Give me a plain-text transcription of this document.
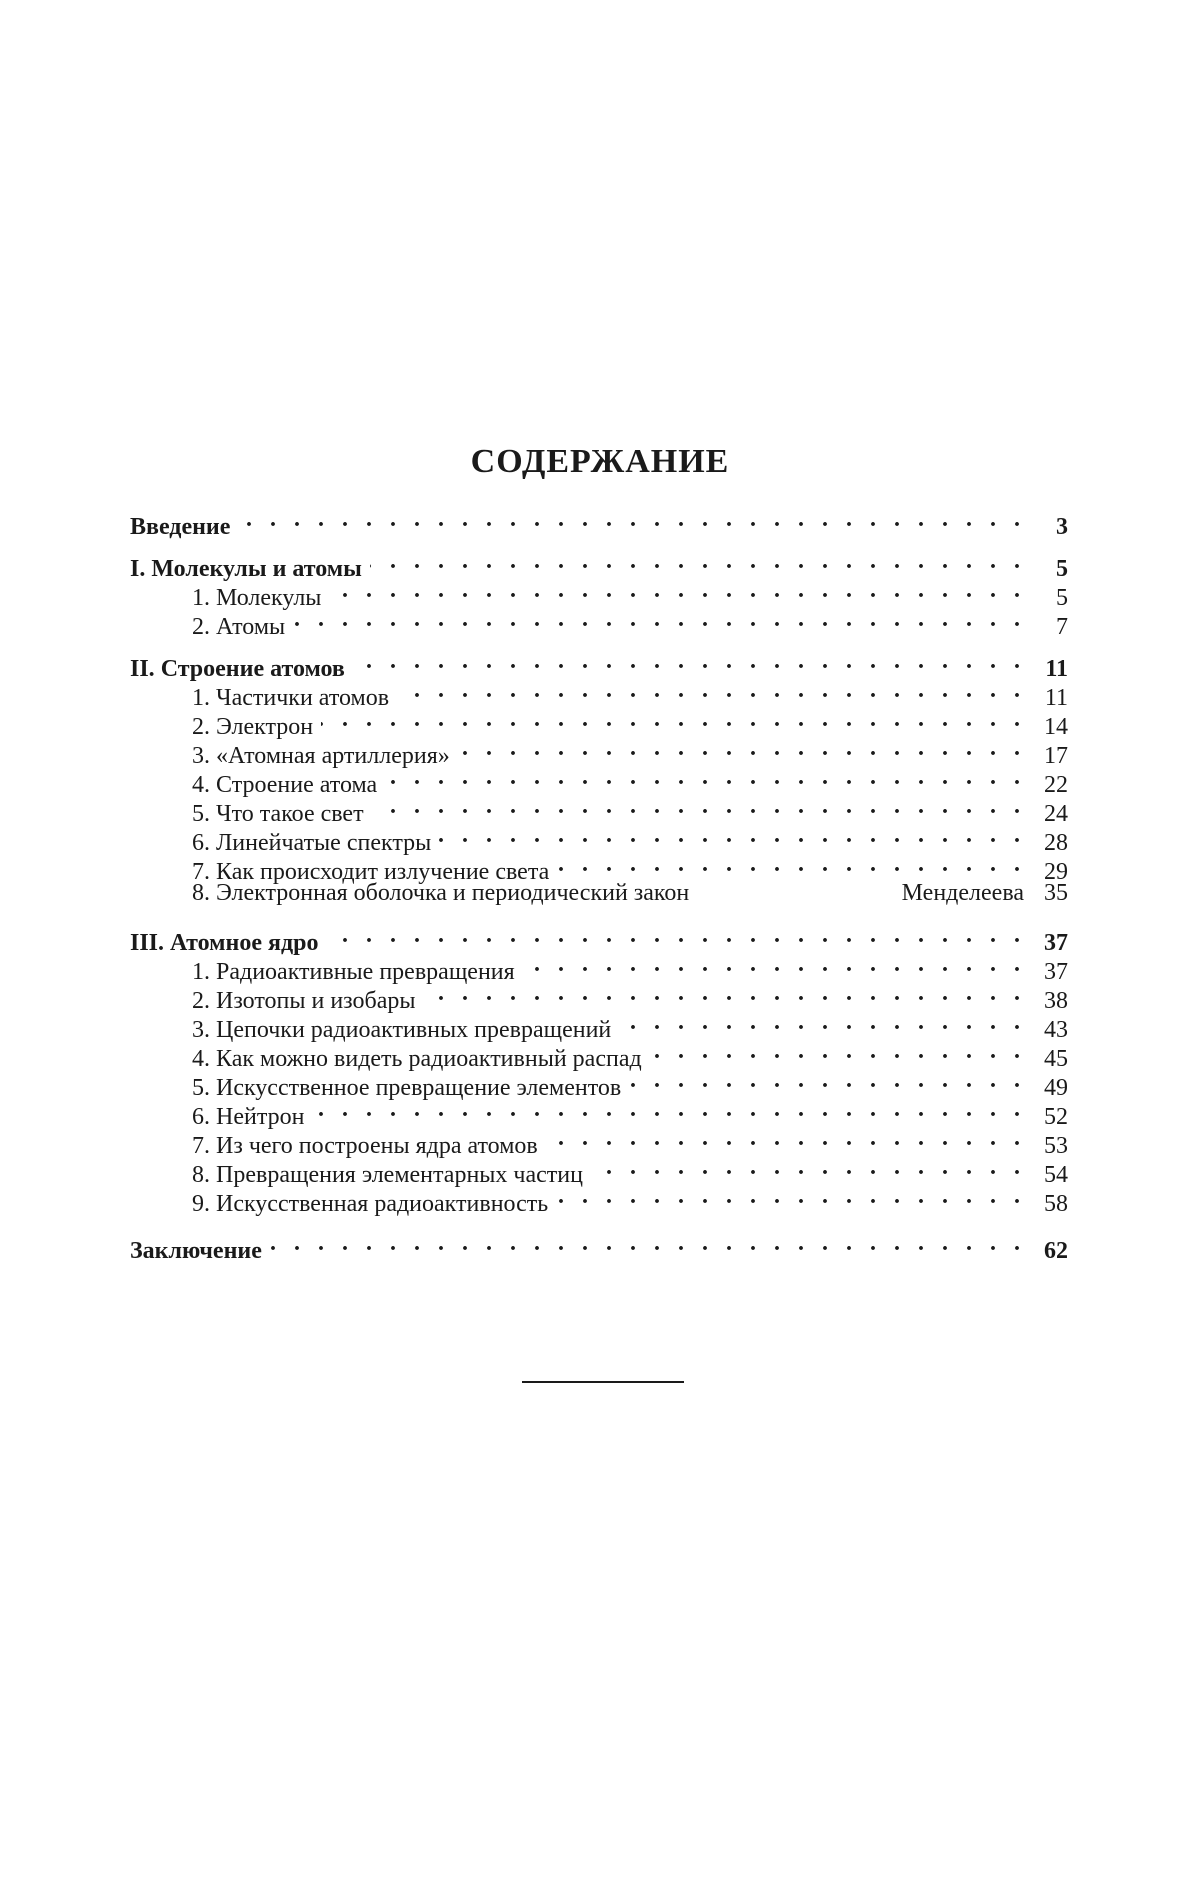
СОДЕРЖАНИЕ
Введение . . .	3
I. Молекулы и атомы . . .	5
1. Молекулы . . .	5
2. Атомы . . .	7
II. Строение атомов . . .	11
1. Частички атомов . . .	11
2. Электрон . . .	14
3. «Атомная артиллерия» . . .	17
4. Строение атома . . .	22
5. Что такое свет . . .	24
6. Линейчатые спектры . . .	28
7. Как происходит излучение света . . .	29
8. Электронная оболочка и периодический закон	Менделеева 35
III. Атомное ядро . . .	37
1. Радиоактивные превращения . . .	37
2. Изотопы и изобары . . .	38
3. Цепочки радиоактивных превращений . . .	43
4. Как можно видеть радиоактивный распад . . .	45
5. Искусственное превращение элементов . . .	49
6. Нейтрон . . .	52
7. Из чего построены ядра атомов . . .	53
8. Превращения элементарных частиц . . .	54
9. Искусственная радиоактивность . . .	58
Заключение . . .	62
